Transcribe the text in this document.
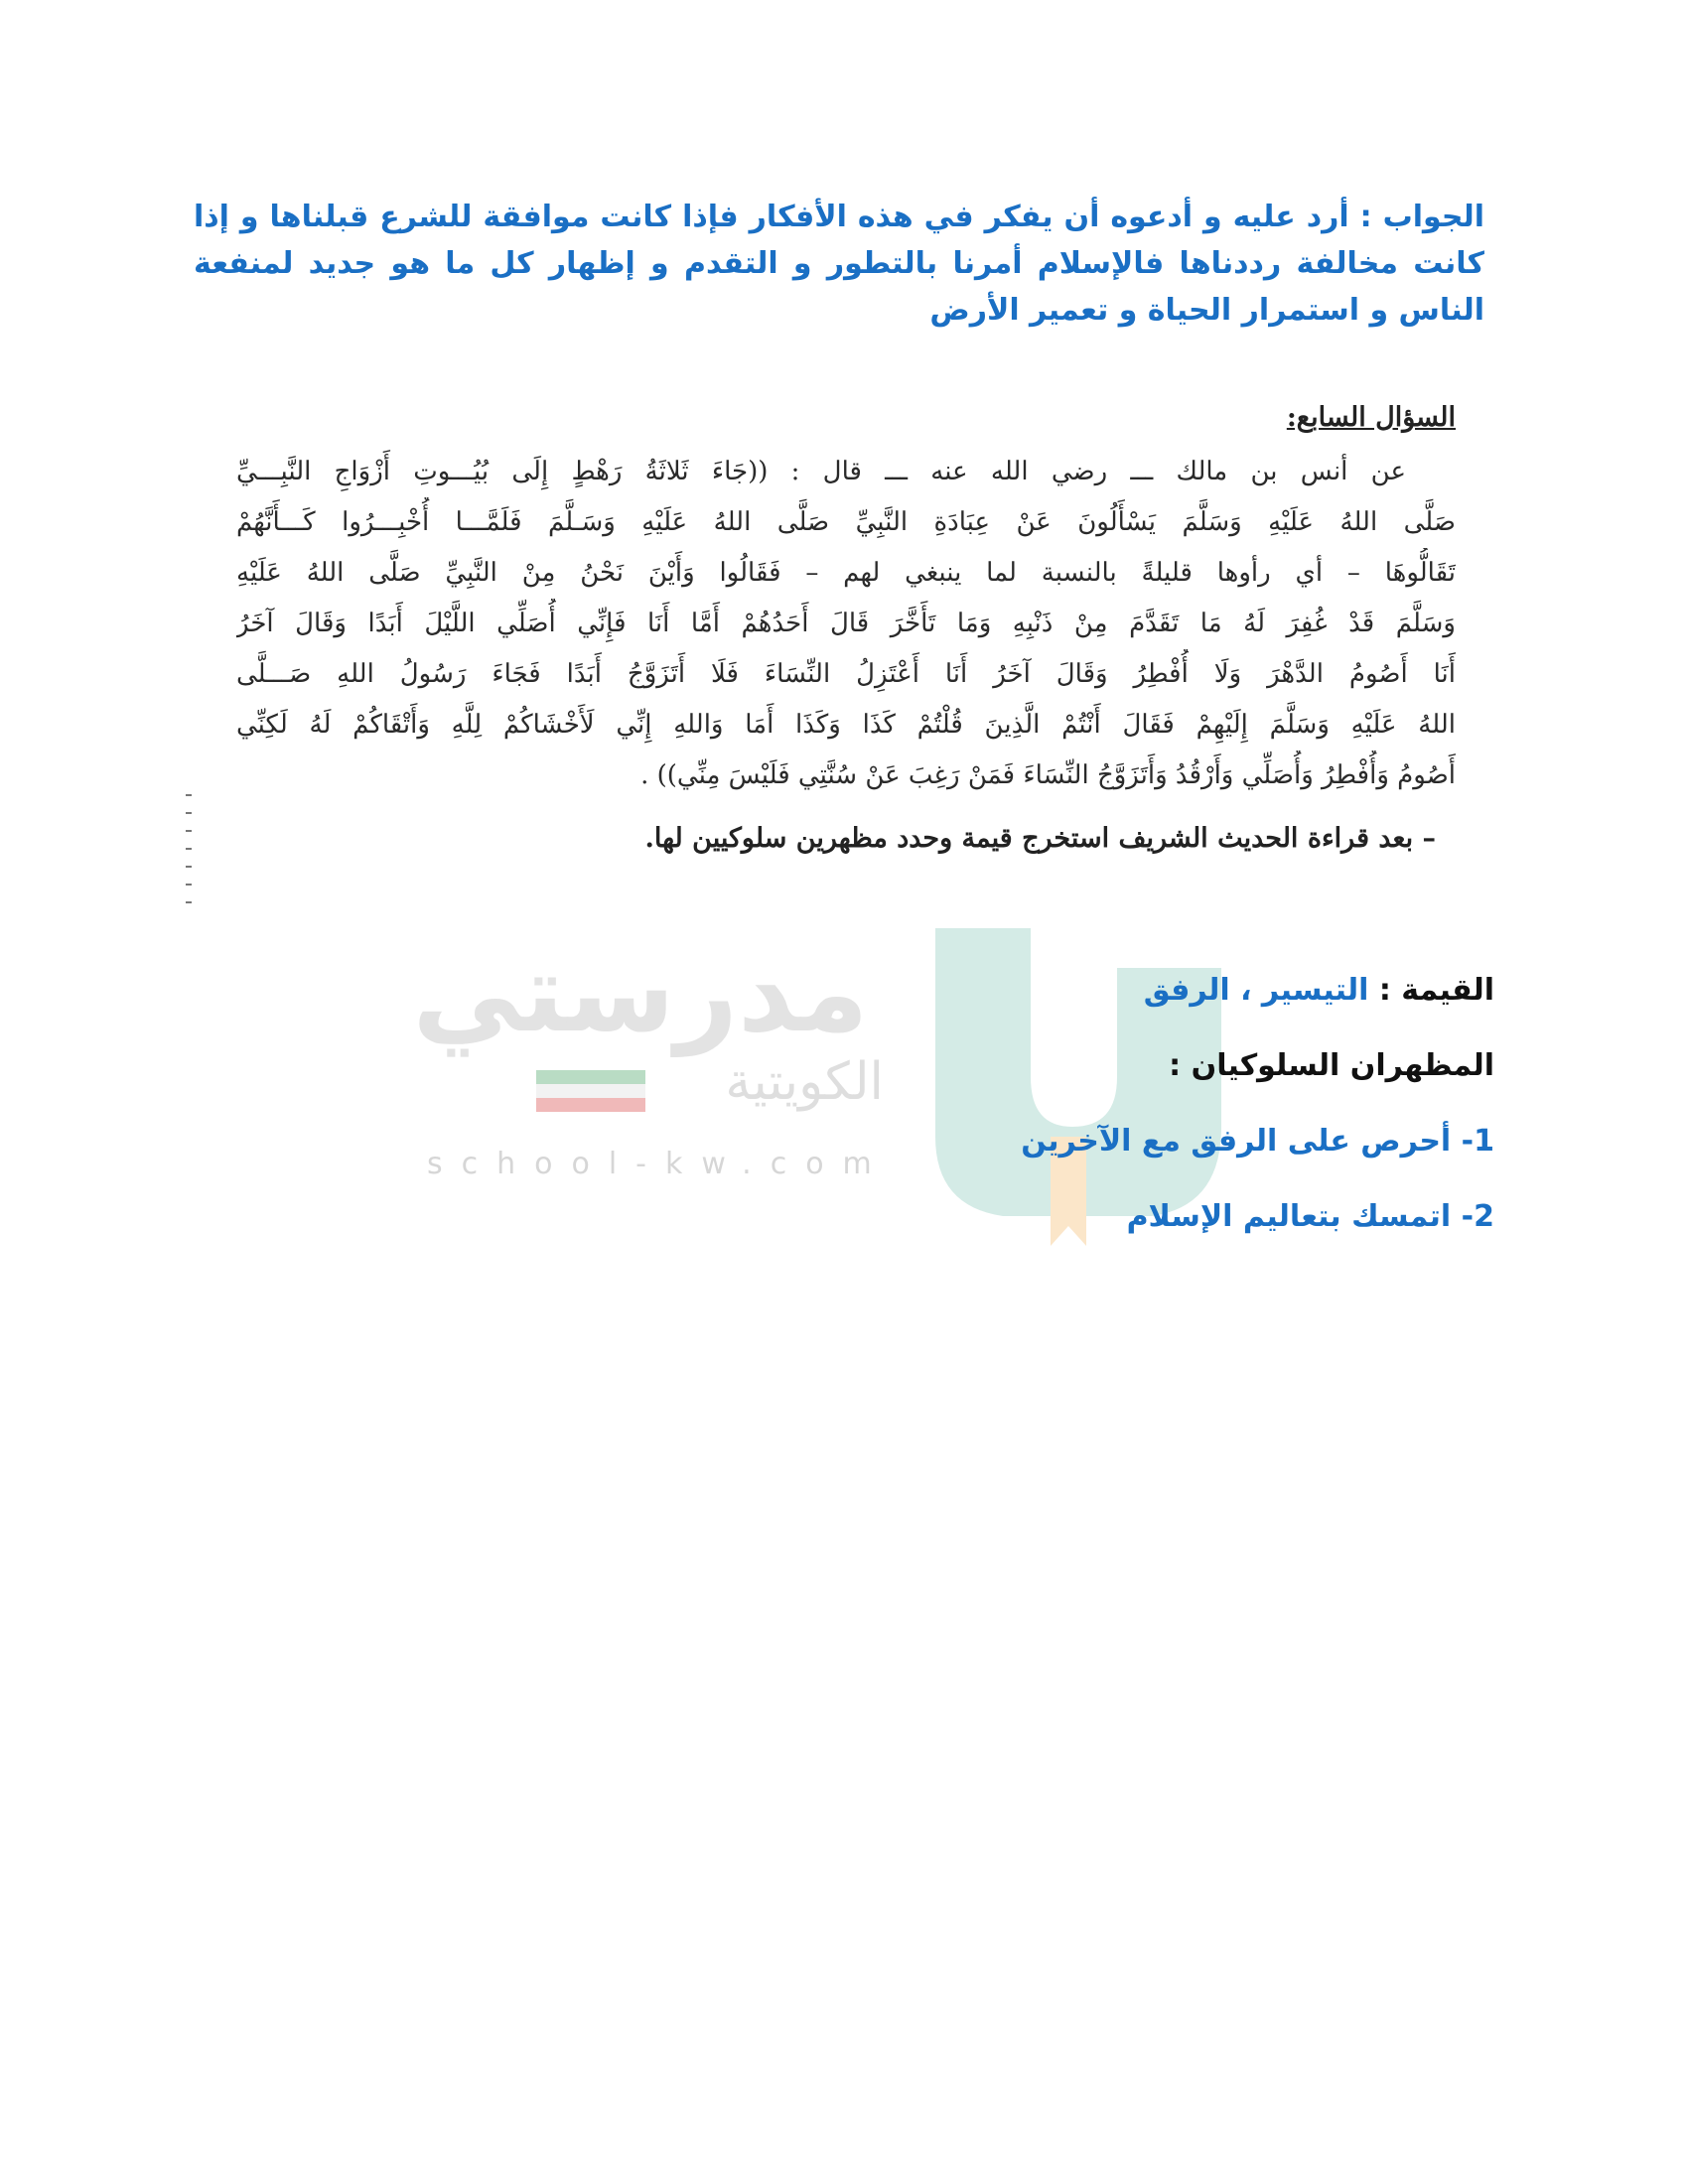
الجواب : أرد عليه و أدعوه أن يفكر في هذه الأفكار فإذا كانت موافقة للشرع قبلناها و إذا كانت مخالفة رددناها فالإسلام أمرنا بالتطور و التقدم و إظهار كل ما هو جديد لمنفعة الناس و استمرار الحياة و تعمير الأرض
السؤال السابع:
عن أنس بن مالك ـــ رضي الله عنه ـــ قال : ((جَاءَ ثَلاثَةُ رَهْطٍ إِلَى بُيُـــوتِ أَزْوَاجِ النَّبِـــيِّ
صَلَّى اللهُ عَلَيْهِ وَسَلَّمَ يَسْأَلُونَ عَنْ عِبَادَةِ النَّبِيِّ صَلَّى اللهُ عَلَيْهِ وَسَـلَّمَ فَلَمَّـــا أُخْبِـــرُوا كَـــأَنَّهُمْ
تَقَالُّوهَا – أي رأوها قليلةً بالنسبة لما ينبغي لهم – فَقَالُوا وَأَيْنَ نَحْنُ مِنْ النَّبِيِّ صَلَّى اللهُ عَلَيْهِ
وَسَلَّمَ قَدْ غُفِرَ لَهُ مَا تَقَدَّمَ مِنْ ذَنْبِهِ وَمَا تَأَخَّرَ قَالَ أَحَدُهُمْ أَمَّا أَنَا فَإِنِّي أُصَلِّي اللَّيْلَ أَبَدًا وَقَالَ آخَرُ
أَنَا أَصُومُ الدَّهْرَ وَلَا أُفْطِرُ وَقَالَ آخَرُ أَنَا أَعْتَزِلُ النِّسَاءَ فَلَا أَتَزَوَّجُ أَبَدًا فَجَاءَ رَسُولُ اللهِ صَـــلَّى
اللهُ عَلَيْهِ وَسَلَّمَ إِلَيْهِمْ فَقَالَ أَنْتُمْ الَّذِينَ قُلْتُمْ كَذَا وَكَذَا أَمَا وَاللهِ إِنِّي لَأَخْشَاكُمْ لِلَّهِ وَأَتْقَاكُمْ لَهُ لَكِنِّي
أَصُومُ وَأُفْطِرُ وَأُصَلِّي وَأَرْقُدُ وَأَتَزَوَّجُ النِّسَاءَ فَمَنْ رَغِبَ عَنْ سُنَّتِي فَلَيْسَ مِنِّي)) .
– بعد قراءة الحديث الشريف استخرج قيمة وحدد مظهرين سلوكيين لها.
مدرستي
الكويتية
school-kw.com
القيمة : التيسير ، الرفق
المظهران السلوكيان :
1- أحرص على الرفق مع الآخرين
2- اتمسك بتعاليم الإسلام
